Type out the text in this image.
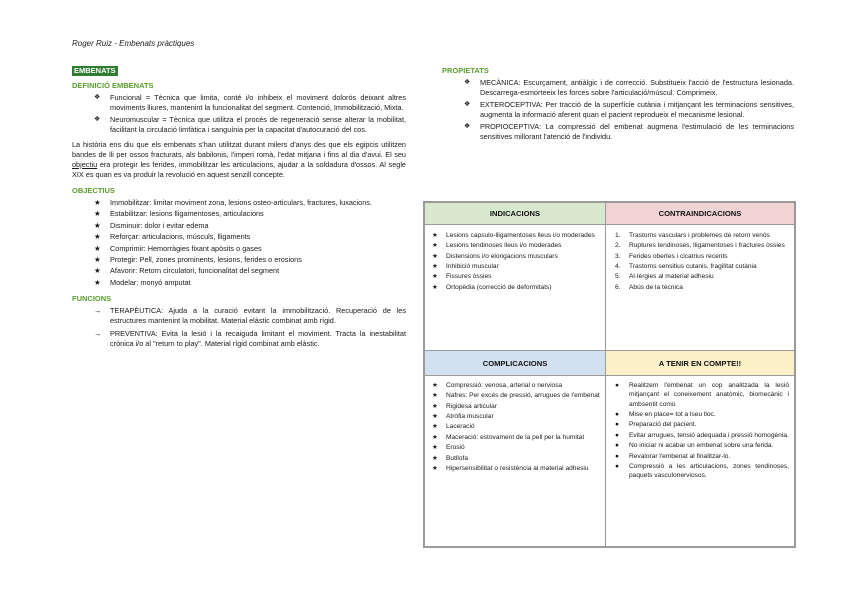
Roger Ruiz - Embenats pràctiques
EMBENATS
DEFINICIÓ EMBENATS
❖ Funcional = Tècnica que limita, conté i/o inhibeix el moviment dolorós deixant altres moviments lliures, mantenint la funcionalitat del segment. Contenció, Immobilització, Mixta.
❖ Neuromuscular = Tècnica que utilitza el procés de regeneració sense alterar la mobilitat, facilitant la circulació limfàtica i sanguínia per la capacitat d'autocuració del cos.

La història ens diu que els embenats s'han utilitzat durant milers d'anys des que els egipcis utilitzen bandes de lli per ossos fracturats, als babilonis, l'imperi romà, l'edat mitjana i fins al dia d'avui. El seu objectiu era protegir les ferides, immobilitzar les articulacions, ajudar a la soldadura d'ossos. Al segle XIX es quan es va produir la revolució en aquest senzill concepte.

OBJECTIUS
★ Immobilitzar: limitar moviment zona, lesions osteo-articulars, fractures, luxacions.
★ Estabilitzar: lesions lligamentoses, articulacions
★ Disminuir: dolor i evitar edema
★ Reforçar: articulacions, músculs, lligaments
★ Comprimir: Hemorràgies fixant apòsits o gases
★ Protegir: Pell, zones prominents, lesions, ferides o erosions
★ Afavorir: Retorn circulatori, funcionalitat del segment
★ Modelar: monyó amputat
FUNCIONS
→ TERAPÈUTICA: Ajuda a la curació evitant la immobilització. Recuperació de les estructures mantenint la mobilitat. Material elàstic combinat amb rígid.
→ PREVENTIVA: Evita la lesió i la recaiguda limitant el moviment. Tracta la inestabilitat crònica i/o al "return to play". Material rígid combinat amb elàstic.
PROPIETATS
❖ MECÀNICA: Escurçament, antiàlgic i de correcció. Substitueix l'acció de l'estructura lesionada. Descarrega-esmorteeix les forces sobre l'articulació/múscul. Comprimeix.
❖ EXTEROCEPTIVA: Per tracció de la superfície cutània i mitjançant les terminacions sensitives, augmenta la informació aferent quan el pacient reprodueix el mecanisme lesional.
❖ PROPIOCEPTIVA: La compressió del embenat augmena l'estimulació de les terminacions sensitives millorant l'atenció de l'individu.
INDICACIONS
★ Lesions capsulo-lligamentoses lleus i/o moderades
★ Lesions tendinoses lleus i/o moderades
★ Distensions i/o elongacions musculars
★ Inhibició muscular
★ Fissures òssies
★ Ortopèdia (correcció de deformitats)
CONTRAINDICACIONS
1. Trastorns vasculars i problemes de retorn venós
2. Ruptures tendinoses, lligamentoses i fractures òssies
3. Ferides obertes i cicatrius recents
4. Trastorns sensitius cutanis, fragilitat cutània
5. Al·lèrgies al material adhesiu
6. Abús de la tècnica
COMPLICACIONS
★ Compressió: venosa, arterial o nerviosa
★ Nafres: Per excés de pressió, arrugues de l'embenat
★ Rigidesa articular
★ Atròfia muscular
★ Laceració
★ Maceració: estovament de la pell per la humitat
★ Erosió
★ Butllofa
★ Hipersensibilitat o resistència al material adhesiu
A TENIR EN COMPTE!!
● Realitzem l'embenat un cop analitzada la lesió mitjançant el coneixement anatòmic, biomecànic i ambsentit comú
● Mise en place= tot a lseu lloc.
● Preparació del pacient.
● Evitar arrugues, tensió adequada i pressió homogènia.
● No iniciar ni acabar un embenat sobre una ferida.
● Revalorar l'embenat al finalitzar-lo.
● Compressió a les articulacions, zones tendinoses, paquets vasculonerviosos.
